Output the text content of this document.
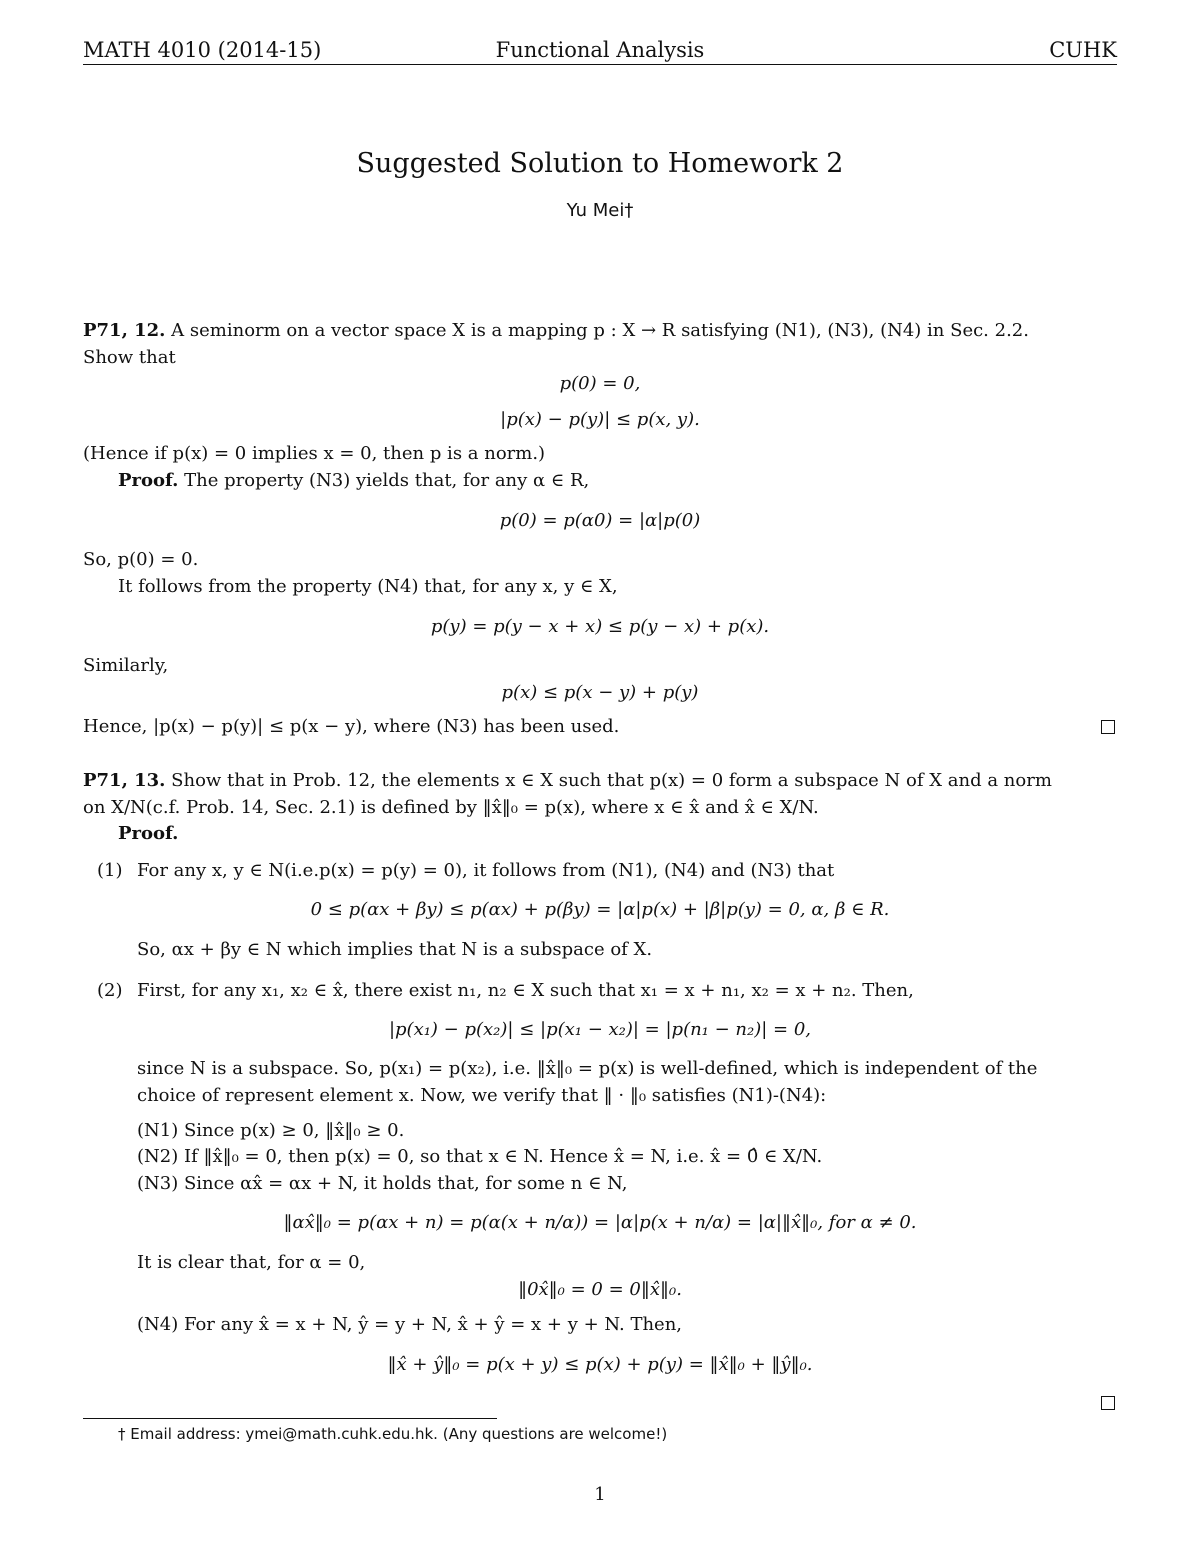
MATH 4010 (2014-15)	Functional Analysis	CUHK
Suggested Solution to Homework 2
Yu Mei†
P71, 12. A seminorm on a vector space X is a mapping p : X → R satisfying (N1), (N3), (N4) in Sec. 2.2.
Show that
p(0) = 0,
|p(x) − p(y)| ≤ p(x, y).
(Hence if p(x) = 0 implies x = 0, then p is a norm.)
Proof. The property (N3) yields that, for any α ∈ R,
p(0) = p(α0) = |α|p(0)
So, p(0) = 0.
It follows from the property (N4) that, for any x, y ∈ X,
p(y) = p(y − x + x) ≤ p(y − x) + p(x).
Similarly,
p(x) ≤ p(x − y) + p(y)
Hence, |p(x) − p(y)| ≤ p(x − y), where (N3) has been used.
P71, 13. Show that in Prob. 12, the elements x ∈ X such that p(x) = 0 form a subspace N of X and a norm
on X/N(c.f. Prob. 14, Sec. 2.1) is defined by ‖x̂‖₀ = p(x), where x ∈ x̂ and x̂ ∈ X/N.
Proof.
(1) For any x, y ∈ N(i.e.p(x) = p(y) = 0), it follows from (N1), (N4) and (N3) that
0 ≤ p(αx + βy) ≤ p(αx) + p(βy) = |α|p(x) + |β|p(y) = 0, α, β ∈ R.
So, αx + βy ∈ N which implies that N is a subspace of X.
(2) First, for any x₁, x₂ ∈ x̂, there exist n₁, n₂ ∈ X such that x₁ = x + n₁, x₂ = x + n₂. Then,
|p(x₁) − p(x₂)| ≤ |p(x₁ − x₂)| = |p(n₁ − n₂)| = 0,
since N is a subspace. So, p(x₁) = p(x₂), i.e. ‖x̂‖₀ = p(x) is well-defined, which is independent of the
choice of represent element x. Now, we verify that ‖ · ‖₀ satisfies (N1)-(N4):
(N1) Since p(x) ≥ 0, ‖x̂‖₀ ≥ 0.
(N2) If ‖x̂‖₀ = 0, then p(x) = 0, so that x ∈ N. Hence x̂ = N, i.e. x̂ = 0̂ ∈ X/N.
(N3) Since αx̂ = αx + N, it holds that, for some n ∈ N,
‖αx̂‖₀ = p(αx + n) = p(α(x + n/α)) = |α|p(x + n/α) = |α|‖x̂‖₀, for α ≠ 0.
It is clear that, for α = 0,
‖0x̂‖₀ = 0 = 0‖x̂‖₀.
(N4) For any x̂ = x + N, ŷ = y + N, x̂ + ŷ = x + y + N. Then,
‖x̂ + ŷ‖₀ = p(x + y) ≤ p(x) + p(y) = ‖x̂‖₀ + ‖ŷ‖₀.
† Email address: ymei@math.cuhk.edu.hk. (Any questions are welcome!)
1
